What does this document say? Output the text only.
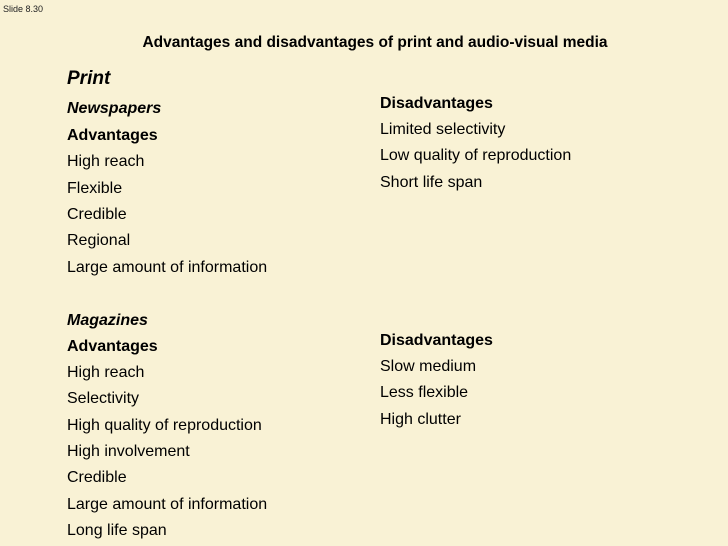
Slide 8.30
Advantages and disadvantages of print and audio-visual media
Print
Newspapers
Advantages
High reach
Flexible
Credible
Regional
Large amount of information
Magazines
Advantages
High reach
Selectivity
High quality of reproduction
High involvement
Credible
Large amount of information
Long life span
Disadvantages
Limited selectivity
Low quality of reproduction
Short life span
Disadvantages
Slow medium
Less flexible
High clutter
